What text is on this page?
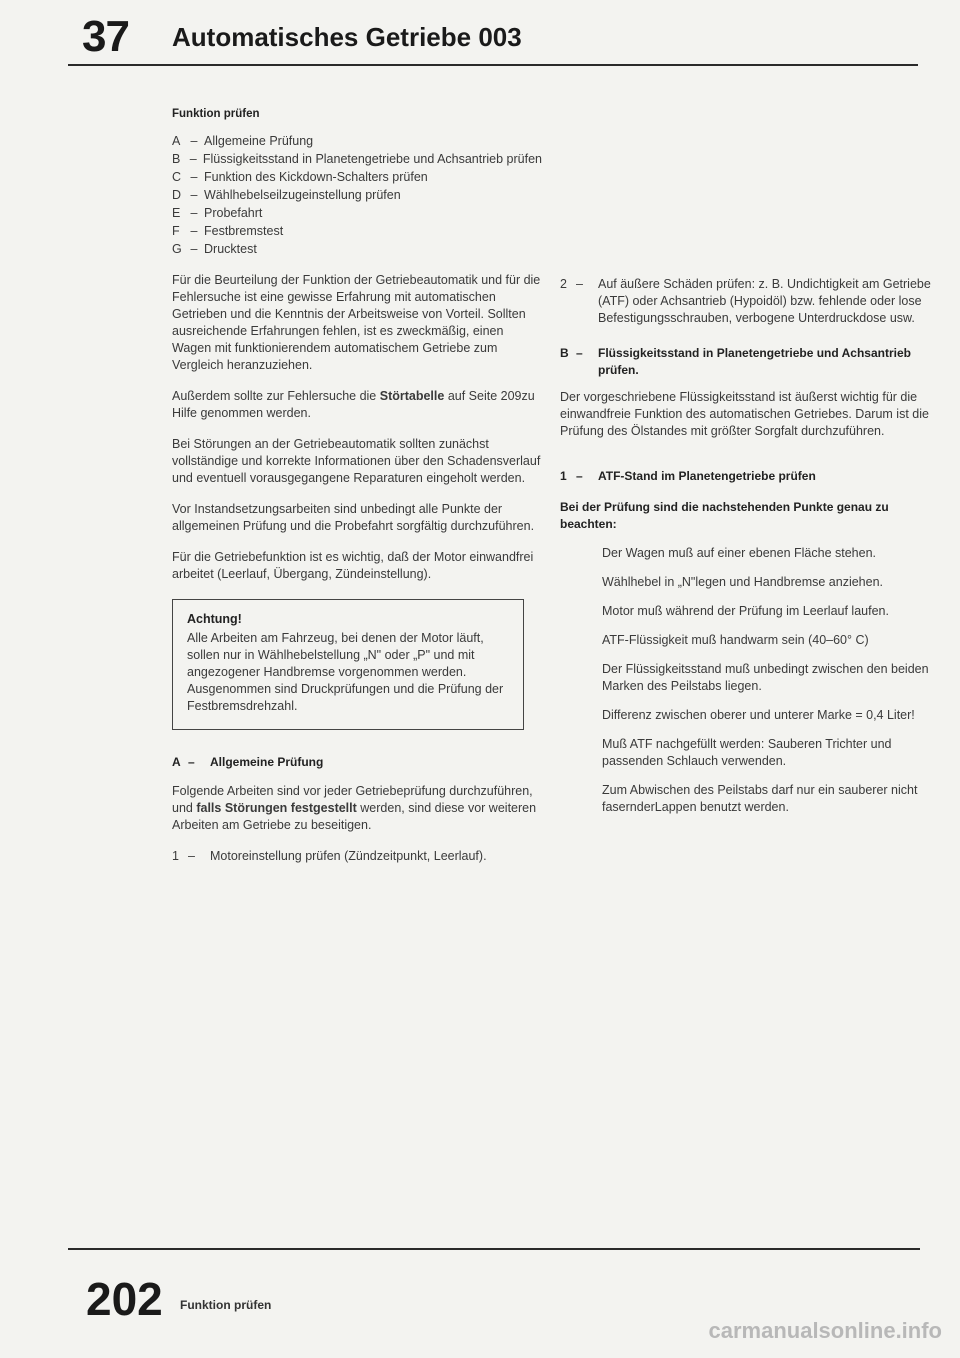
37 Automatisches Getriebe 003
Funktion prüfen
A – Allgemeine Prüfung
B – Flüssigkeitsstand in Planetengetriebe und Achsantrieb prüfen
C – Funktion des Kickdown-Schalters prüfen
D – Wählhebelseilzugeinstellung prüfen
E – Probefahrt
F – Festbremstest
G – Drucktest

Für die Beurteilung der Funktion der Getriebeautomatik und für die Fehlersuche ist eine gewisse Erfahrung mit automatischen Getrieben und die Kenntnis der Arbeitsweise von Vorteil. Sollten ausreichende Erfahrungen fehlen, ist es zweckmäßig, einen Wagen mit funktionierendem automatischem Getriebe zum Vergleich heranzuziehen.

Außerdem sollte zur Fehlersuche die Störtabelle auf Seite 209zu Hilfe genommen werden.

Bei Störungen an der Getriebeautomatik sollten zunächst vollständige und korrekte Informationen über den Schadensverlauf und eventuell vorausgegangene Reparaturen eingeholt werden.

Vor Instandsetzungsarbeiten sind unbedingt alle Punkte der allgemeinen Prüfung und die Probefahrt sorgfältig durchzuführen.

Für die Getriebefunktion ist es wichtig, daß der Motor einwandfrei arbeitet (Leerlauf, Übergang, Zündeinstellung).

Achtung!

Alle Arbeiten am Fahrzeug, bei denen der Motor läuft, sollen nur in Wählhebelstellung „N" oder „P" und mit angezogener Handbremse vorgenommen werden. Ausgenommen sind Druckprüfungen und die Prüfung der Festbremsdrehzahl.

A –	Allgemeine Prüfung

Folgende Arbeiten sind vor jeder Getriebeprüfung durchzuführen, und falls Störungen festgestellt werden, sind diese vor weiteren Arbeiten am Getriebe zu beseitigen.

1 –	Motoreinstellung prüfen (Zündzeitpunkt, Leerlauf).
2 –	Auf äußere Schäden prüfen: z. B. Undichtigkeit am Getriebe (ATF) oder Achsantrieb (Hypoidöl) bzw. fehlende oder lose Befestigungsschrauben, verbogene Unterdruckdose usw.
B –	Flüssigkeitsstand in Planetengetriebe und Achsantrieb prüfen.

Der vorgeschriebene Flüssigkeitsstand ist äußerst wichtig für die einwandfreie Funktion des automatischen Getriebes. Darum ist die Prüfung des Ölstandes mit größter Sorgfalt durchzuführen.

1 –	ATF-Stand im Planetengetriebe prüfen

Bei der Prüfung sind die nachstehenden Punkte genau zu beachten:

Der Wagen muß auf einer ebenen Fläche stehen.

Wählhebel in „N"legen und Handbremse anziehen.

Motor muß während der Prüfung im Leerlauf laufen.

ATF-Flüssigkeit muß handwarm sein (40–60° C)

Der Flüssigkeitsstand muß unbedingt zwischen den beiden Marken des Peilstabs liegen.

Differenz zwischen oberer und unterer Marke = 0,4 Liter!

Muß ATF nachgefüllt werden: Sauberen Trichter und passenden Schlauch verwenden.

Zum Abwischen des Peilstabs darf nur ein sauberer nicht fasernderLappen benutzt werden.

202 Funktion prüfen
carmanualsonline.info
